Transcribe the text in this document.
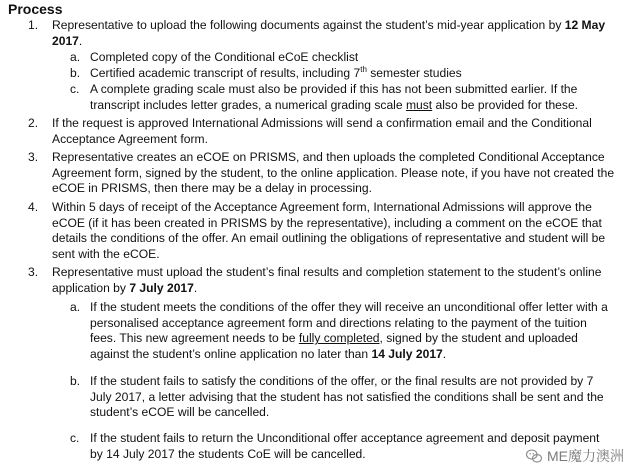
Process
1. Representative to upload the following documents against the student’s mid-year application by 12 May 2017.
a. Completed copy of the Conditional eCoE checklist
b. Certified academic transcript of results, including 7th semester studies
c. A complete grading scale must also be provided if this has not been submitted earlier. If the transcript includes letter grades, a numerical grading scale must also be provided for these.
2. If the request is approved International Admissions will send a confirmation email and the Conditional Acceptance Agreement form.
3. Representative creates an eCOE on PRISMS, and then uploads the completed Conditional Acceptance Agreement form, signed by the student, to the online application. Please note, if you have not created the eCOE in PRISMS, then there may be a delay in processing.
4. Within 5 days of receipt of the Acceptance Agreement form, International Admissions will approve the eCOE (if it has been created in PRISMS by the representative), including a comment on the eCOE that details the conditions of the offer. An email outlining the obligations of representative and student will be sent with the eCOE.
3. Representative must upload the student’s final results and completion statement to the student’s online application by 7 July 2017.
a. If the student meets the conditions of the offer they will receive an unconditional offer letter with a personalised acceptance agreement form and directions relating to the payment of the tuition fees. This new agreement needs to be fully completed, signed by the student and uploaded against the student’s online application no later than 14 July 2017.
b. If the student fails to satisfy the conditions of the offer, or the final results are not provided by 7 July 2017, a letter advising that the student has not satisfied the conditions shall be sent and the student’s eCOE will be cancelled.
c. If the student fails to return the Unconditional offer acceptance agreement and deposit payment by 14 July 2017 the students CoE will be cancelled.	ME魔力澳洲
